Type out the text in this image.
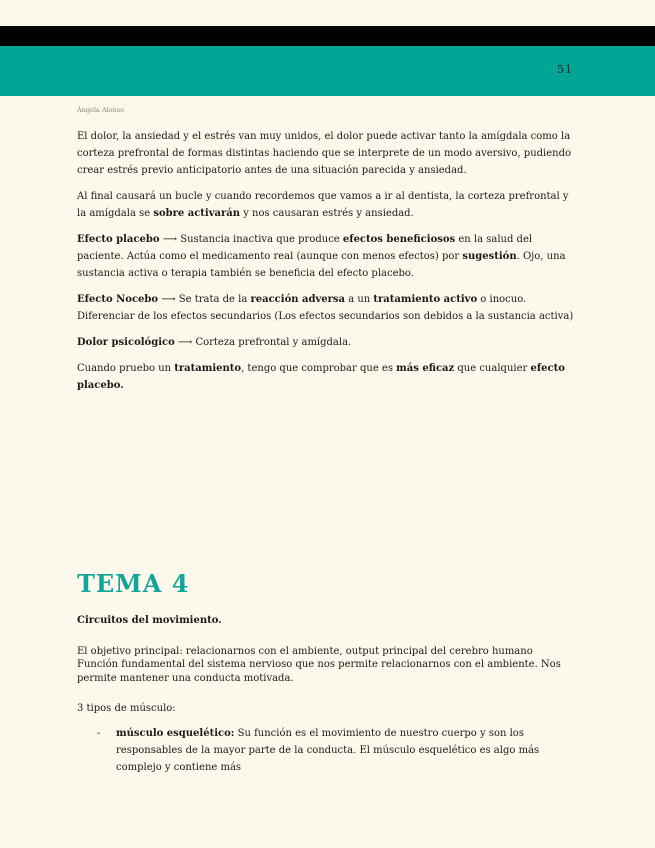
51
Ángela Alonso

El dolor, la ansiedad y el estrés van muy unidos, el dolor puede activar tanto la amígdala como la corteza prefrontal de formas distintas haciendo que se interprete de un modo aversivo, pudiendo crear estrés previo anticipatorio antes de una situación parecida y ansiedad.

Al final causará un bucle y cuando recordemos que vamos a ir al dentista, la corteza prefrontal y la amígdala se sobre activarán y nos causaran estrés y ansiedad.

Efecto placebo ⟶ Sustancia inactiva que produce efectos beneficiosos en la salud del paciente. Actúa como el medicamento real (aunque con menos efectos) por sugestión. Ojo, una sustancia activa o terapia también se beneficia del efecto placebo.

Efecto Nocebo ⟶ Se trata de la reacción adversa a un tratamiento activo o inocuo. Diferenciar de los efectos secundarios (Los efectos secundarios son debidos a la sustancia activa)

Dolor psicológico ⟶ Corteza prefrontal y amígdala.

Cuando pruebo un tratamiento, tengo que comprobar que es más eficaz que cualquier efecto placebo.

TEMA 4

Circuitos del movimiento.

El objetivo principal: relacionarnos con el ambiente, output principal del cerebro humano
Función fundamental del sistema nervioso que nos permite relacionarnos con el ambiente. Nos permite mantener una conducta motivada.

3 tipos de músculo:

- músculo esquelético: Su función es el movimiento de nuestro cuerpo y son los responsables de la mayor parte de la conducta. El músculo esquelético es algo más complejo y contiene más
